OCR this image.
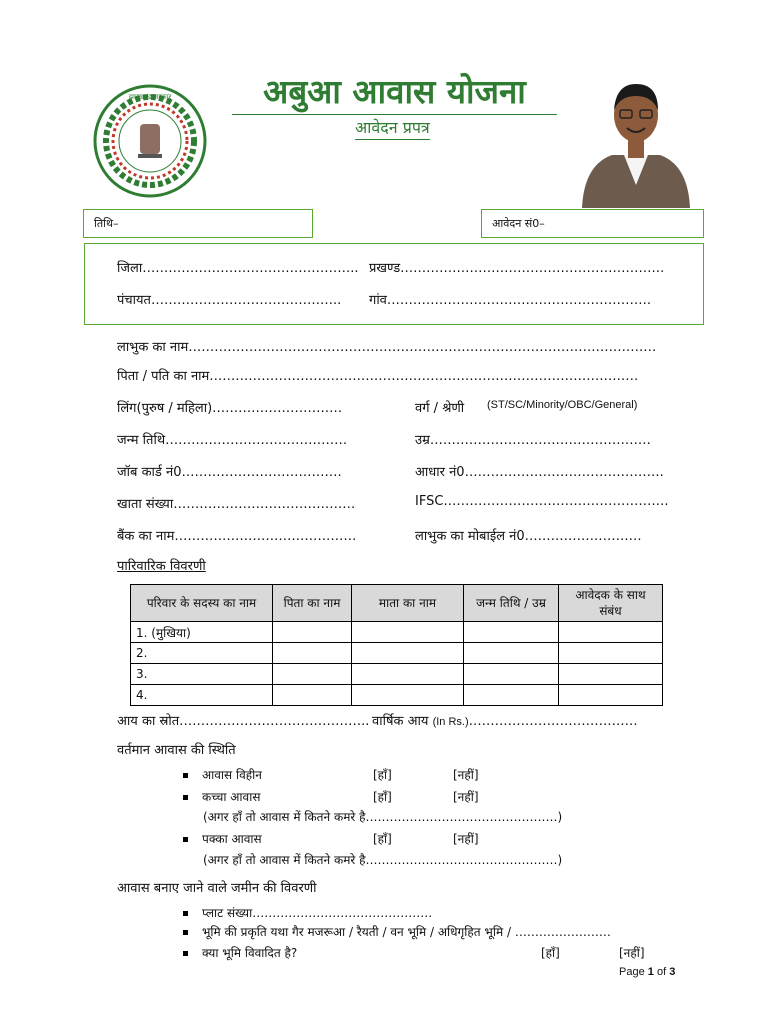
झारखण्ड सरकार	अबुआ आवास योजना
आवेदन प्रपत्र
तिथि–	आवेदन सं0–
जिला………………………………………….. प्रखण्ड…………………………………………………….
पंचायत…………………………………….. गांव…………………………………………………….
लाभुक का नाम………………………………………………………………………………………………
पिता / पति का नाम………………………………………………………………………………………
लिंग(पुरुष / महिला)…………………………	वर्ग / श्रेणी (ST/SC/Minority/OBC/General)
जन्म तिथि……………………………………	उम्र……………………………………………
जॉब कार्ड नं0……………………………….	आधार नं0……………………………………….
खाता संख्या……………………………………	IFSC…………………………………………….
बैंक का नाम……………………………………	लाभुक का मोबाईल नं0………………………
पारिवारिक विवरणी
परिवार के सदस्य का नाम	पिता का नाम	माता का नाम	जन्म तिथि / उम्र	आवेदक के साथ संबंध
1. (मुखिया)				
2.				
3.				
4.				
आय का स्रोत…………………………………….. वार्षिक आय (In Rs.)…………………………………
वर्तमान आवास की स्थिति
आवास विहीन	[हाँ]	[नहीं]
कच्चा आवास	[हाँ]	[नहीं]
(अगर हाँ तो आवास में कितने कमरे है…………………………………………)
पक्का आवास	[हाँ]	[नहीं]
(अगर हाँ तो आवास में कितने कमरे है…………………………………………)
आवास बनाए जाने वाले जमीन की विवरणी
प्लाट संख्या………………………………………
भूमि की प्रकृति यथा गैर मजरूआ / रैयती / वन भूमि / अधिगृहित भूमि / ……………………
क्या भूमि विवादित है?	[हाँ]	[नहीं]
Page 1 of 3
